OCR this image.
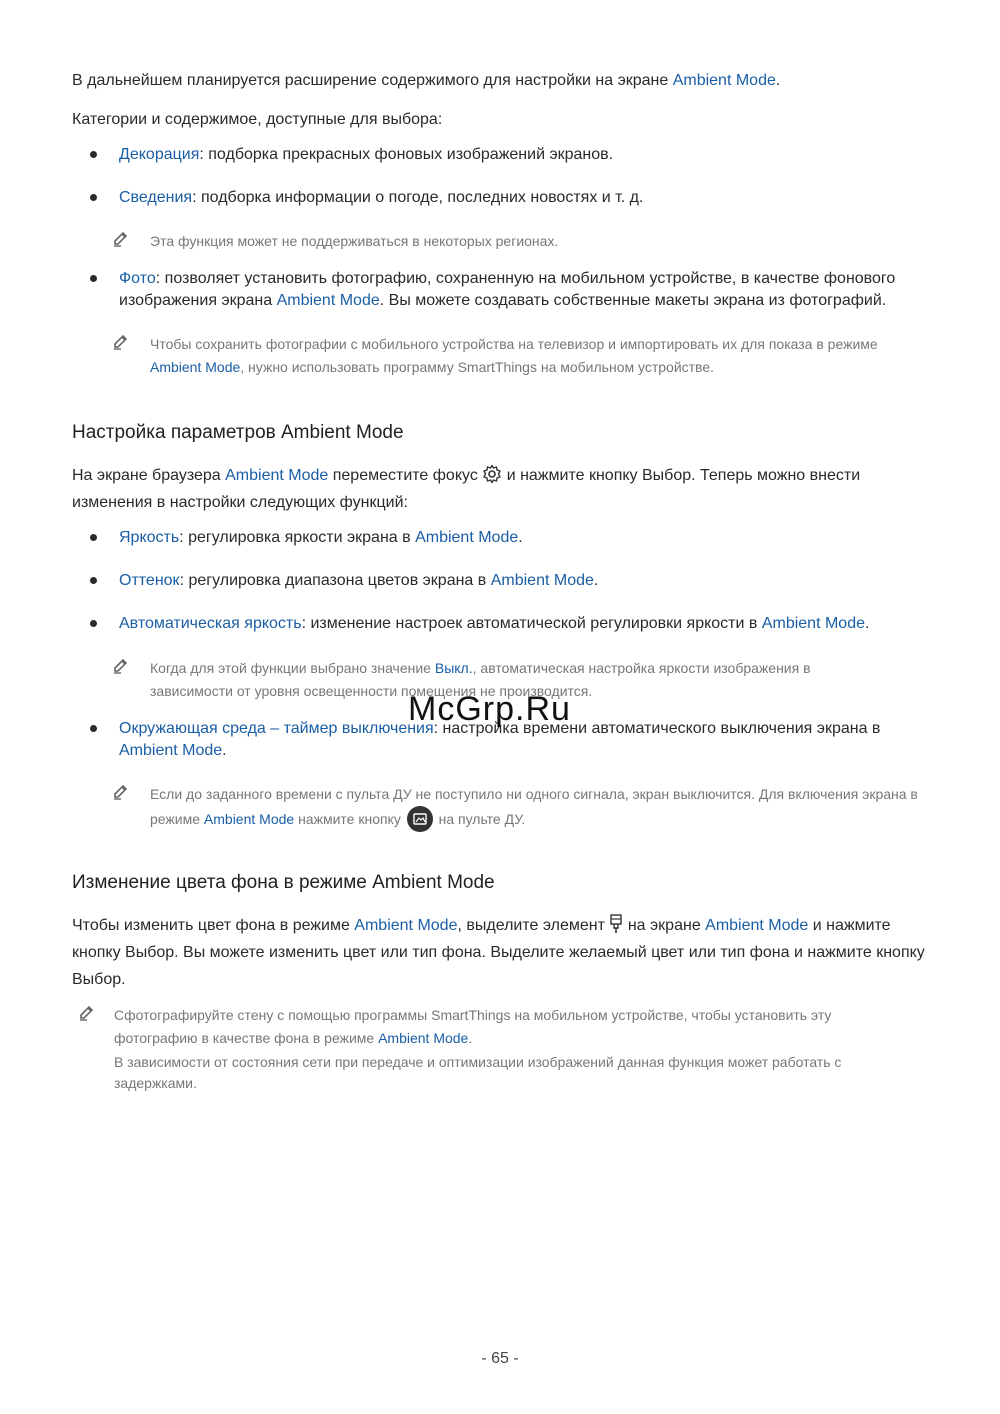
В дальнейшем планируется расширение содержимого для настройки на экране Ambient Mode.

Категории и содержимое, доступные для выбора:

Декорация: подборка прекрасных фоновых изображений экранов.

Сведения: подборка информации о погоде, последних новостях и т. д.

Эта функция может не поддерживаться в некоторых регионах.

Фото: позволяет установить фотографию, сохраненную на мобильном устройстве, в качестве фонового изображения экрана Ambient Mode. Вы можете создавать собственные макеты экрана из фотографий.

Чтобы сохранить фотографии с мобильного устройства на телевизор и импортировать их для показа в режиме Ambient Mode, нужно использовать программу SmartThings на мобильном устройстве.

Настройка параметров Ambient Mode

На экране браузера Ambient Mode переместите фокус  и нажмите кнопку Выбор. Теперь можно внести изменения в настройки следующих функций:

Яркость: регулировка яркости экрана в Ambient Mode.

Оттенок: регулировка диапазона цветов экрана в Ambient Mode.

Автоматическая яркость: изменение настроек автоматической регулировки яркости в Ambient Mode.

Когда для этой функции выбрано значение Выкл., автоматическая настройка яркости изображения в зависимости от уровня освещенности помещения не производится.

Окружающая среда – таймер выключения: настройка времени автоматического выключения экрана в Ambient Mode.

Если до заданного времени с пульта ДУ не поступило ни одного сигнала, экран выключится. Для включения экрана в режиме Ambient Mode нажмите кнопку  на пульте ДУ.

Изменение цвета фона в режиме Ambient Mode

Чтобы изменить цвет фона в режиме Ambient Mode, выделите элемент  на экране Ambient Mode и нажмите кнопку Выбор. Вы можете изменить цвет или тип фона. Выделите желаемый цвет или тип фона и нажмите кнопку Выбор.

Сфотографируйте стену с помощью программы SmartThings на мобильном устройстве, чтобы установить эту фотографию в качестве фона в режиме Ambient Mode.

В зависимости от состояния сети при передаче и оптимизации изображений данная функция может работать с задержками.

McGrp.Ru
- 65 -
